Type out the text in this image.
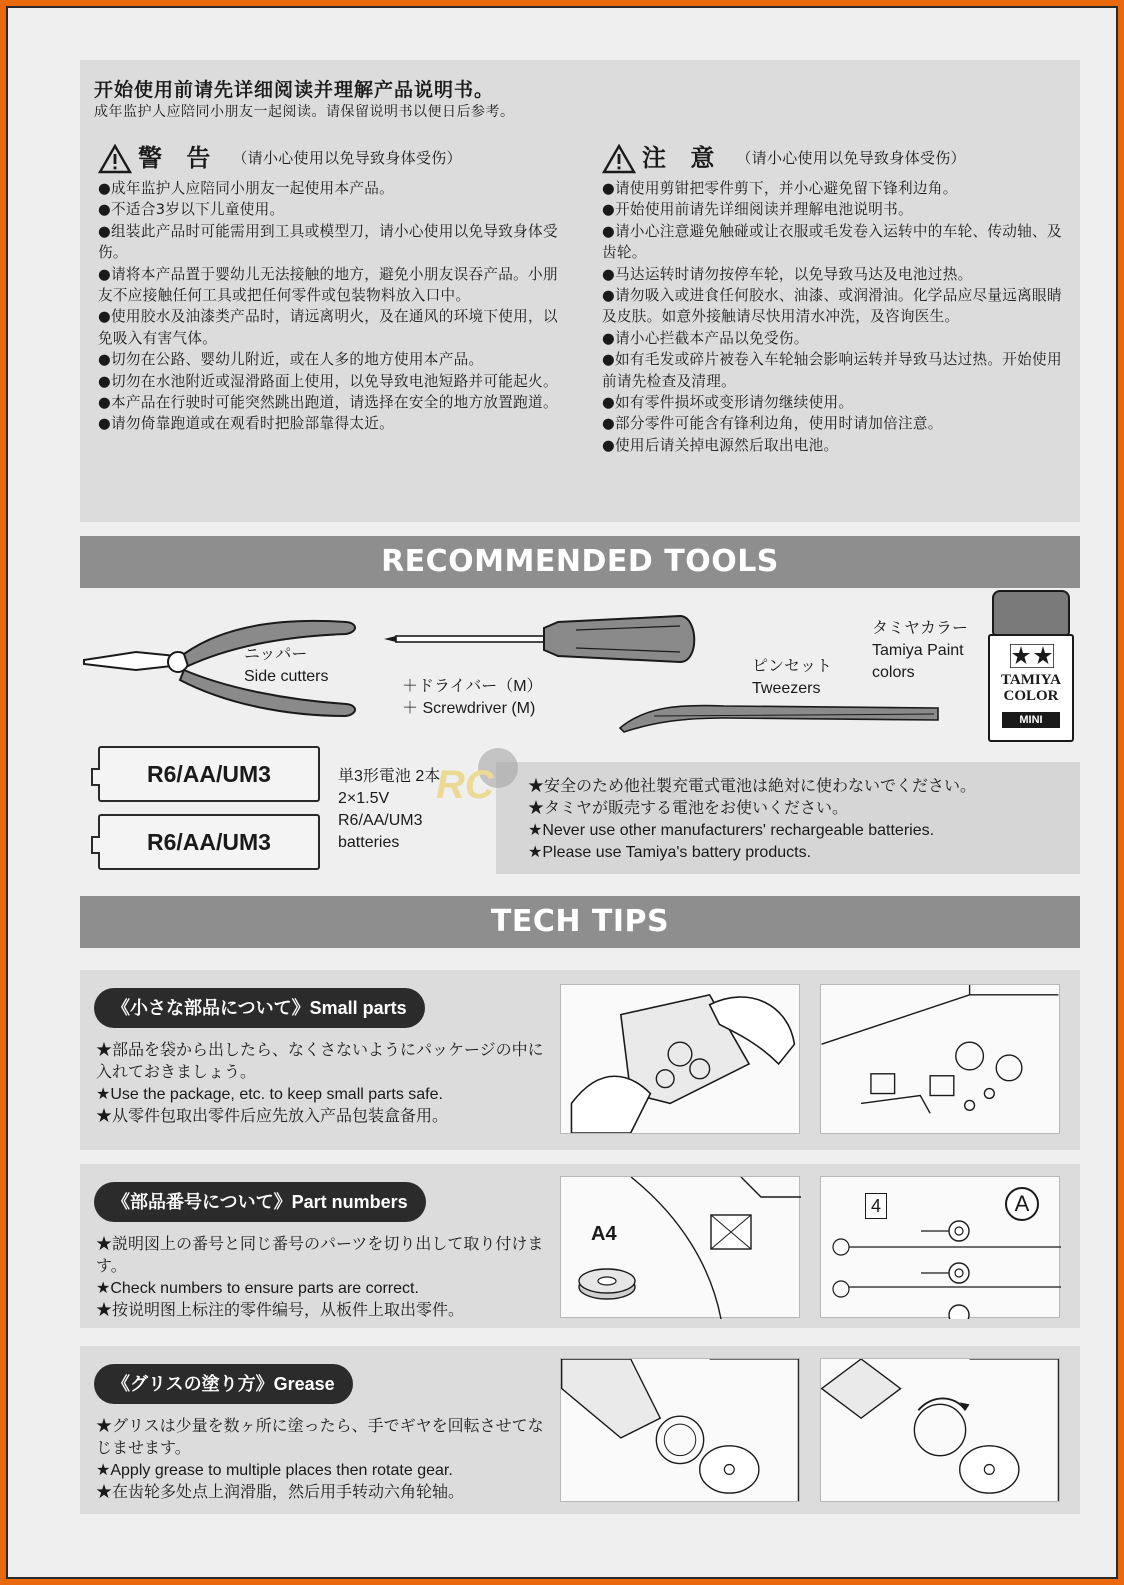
开始使用前请先详细阅读并理解产品说明书。
成年监护人应陪同小朋友一起阅读。请保留说明书以便日后参考。
警 告 （请小心使用以免导致身体受伤）

●成年监护人应陪同小朋友一起使用本产品。

●不适合3岁以下儿童使用。

●组装此产品时可能需用到工具或模型刀，请小心使用以免导致身体受伤。

●请将本产品置于婴幼儿无法接触的地方，避免小朋友误吞产品。小朋友不应接触任何工具或把任何零件或包装物料放入口中。

●使用胶水及油漆类产品时，请远离明火，及在通风的环境下使用，以免吸入有害气体。

●切勿在公路、婴幼儿附近，或在人多的地方使用本产品。

●切勿在水池附近或湿滑路面上使用，以免导致电池短路并可能起火。

●本产品在行驶时可能突然跳出跑道，请选择在安全的地方放置跑道。

●请勿倚靠跑道或在观看时把脸部靠得太近。

注 意 （请小心使用以免导致身体受伤）

●请使用剪钳把零件剪下，并小心避免留下锋利边角。

●开始使用前请先详细阅读并理解电池说明书。

●请小心注意避免触碰或让衣服或毛发卷入运转中的车轮、传动轴、及齿轮。

●马达运转时请勿按停车轮，以免导致马达及电池过热。

●请勿吸入或进食任何胶水、油漆、或润滑油。化学品应尽量远离眼睛及皮肤。如意外接触请尽快用清水冲洗，及咨询医生。

●请小心拦截本产品以免受伤。

●如有毛发或碎片被卷入车轮轴会影响运转并导致马达过热。开始使用前请先检查及清理。

●如有零件损坏或变形请勿继续使用。

●部分零件可能含有锋利边角，使用时请加倍注意。

●使用后请关掉电源然后取出电池。

RECOMMENDED TOOLS
ニッパー
Side cutters
＋ドライバー（M）
＋ Screwdriver (M)
ピンセット
Tweezers
タミヤカラー
Tamiya Paint
colors	TAMIYA
COLOR
MINI
R6/AA/UM3
R6/AA/UM3
単3形電池 2本
2×1.5V
R6/AA/UM3
batteries
★安全のため他社製充電式電池は絶対に使わないでください。
★タミヤが販売する電池をお使いください。
★Never use other manufacturers' rechargeable batteries.
★Please use Tamiya's battery products.
RC
TECH TIPS
《小さな部品について》Small parts
★部品を袋から出したら、なくさないようにパッケージの中に入れておきましょう。
★Use the package, etc. to keep small parts safe.
★从零件包取出零件后应先放入产品包装盒备用。
《部品番号について》Part numbers
★説明図上の番号と同じ番号のパーツを切り出して取り付けます。
★Check numbers to ensure parts are correct.
★按说明图上标注的零件编号，从板件上取出零件。
A4
4	A
《グリスの塗り方》Grease
★グリスは少量を数ヶ所に塗ったら、手でギヤを回転させてなじませます。
★Apply grease to multiple places then rotate gear.
★在齿轮多处点上润滑脂，然后用手转动六角轮轴。
